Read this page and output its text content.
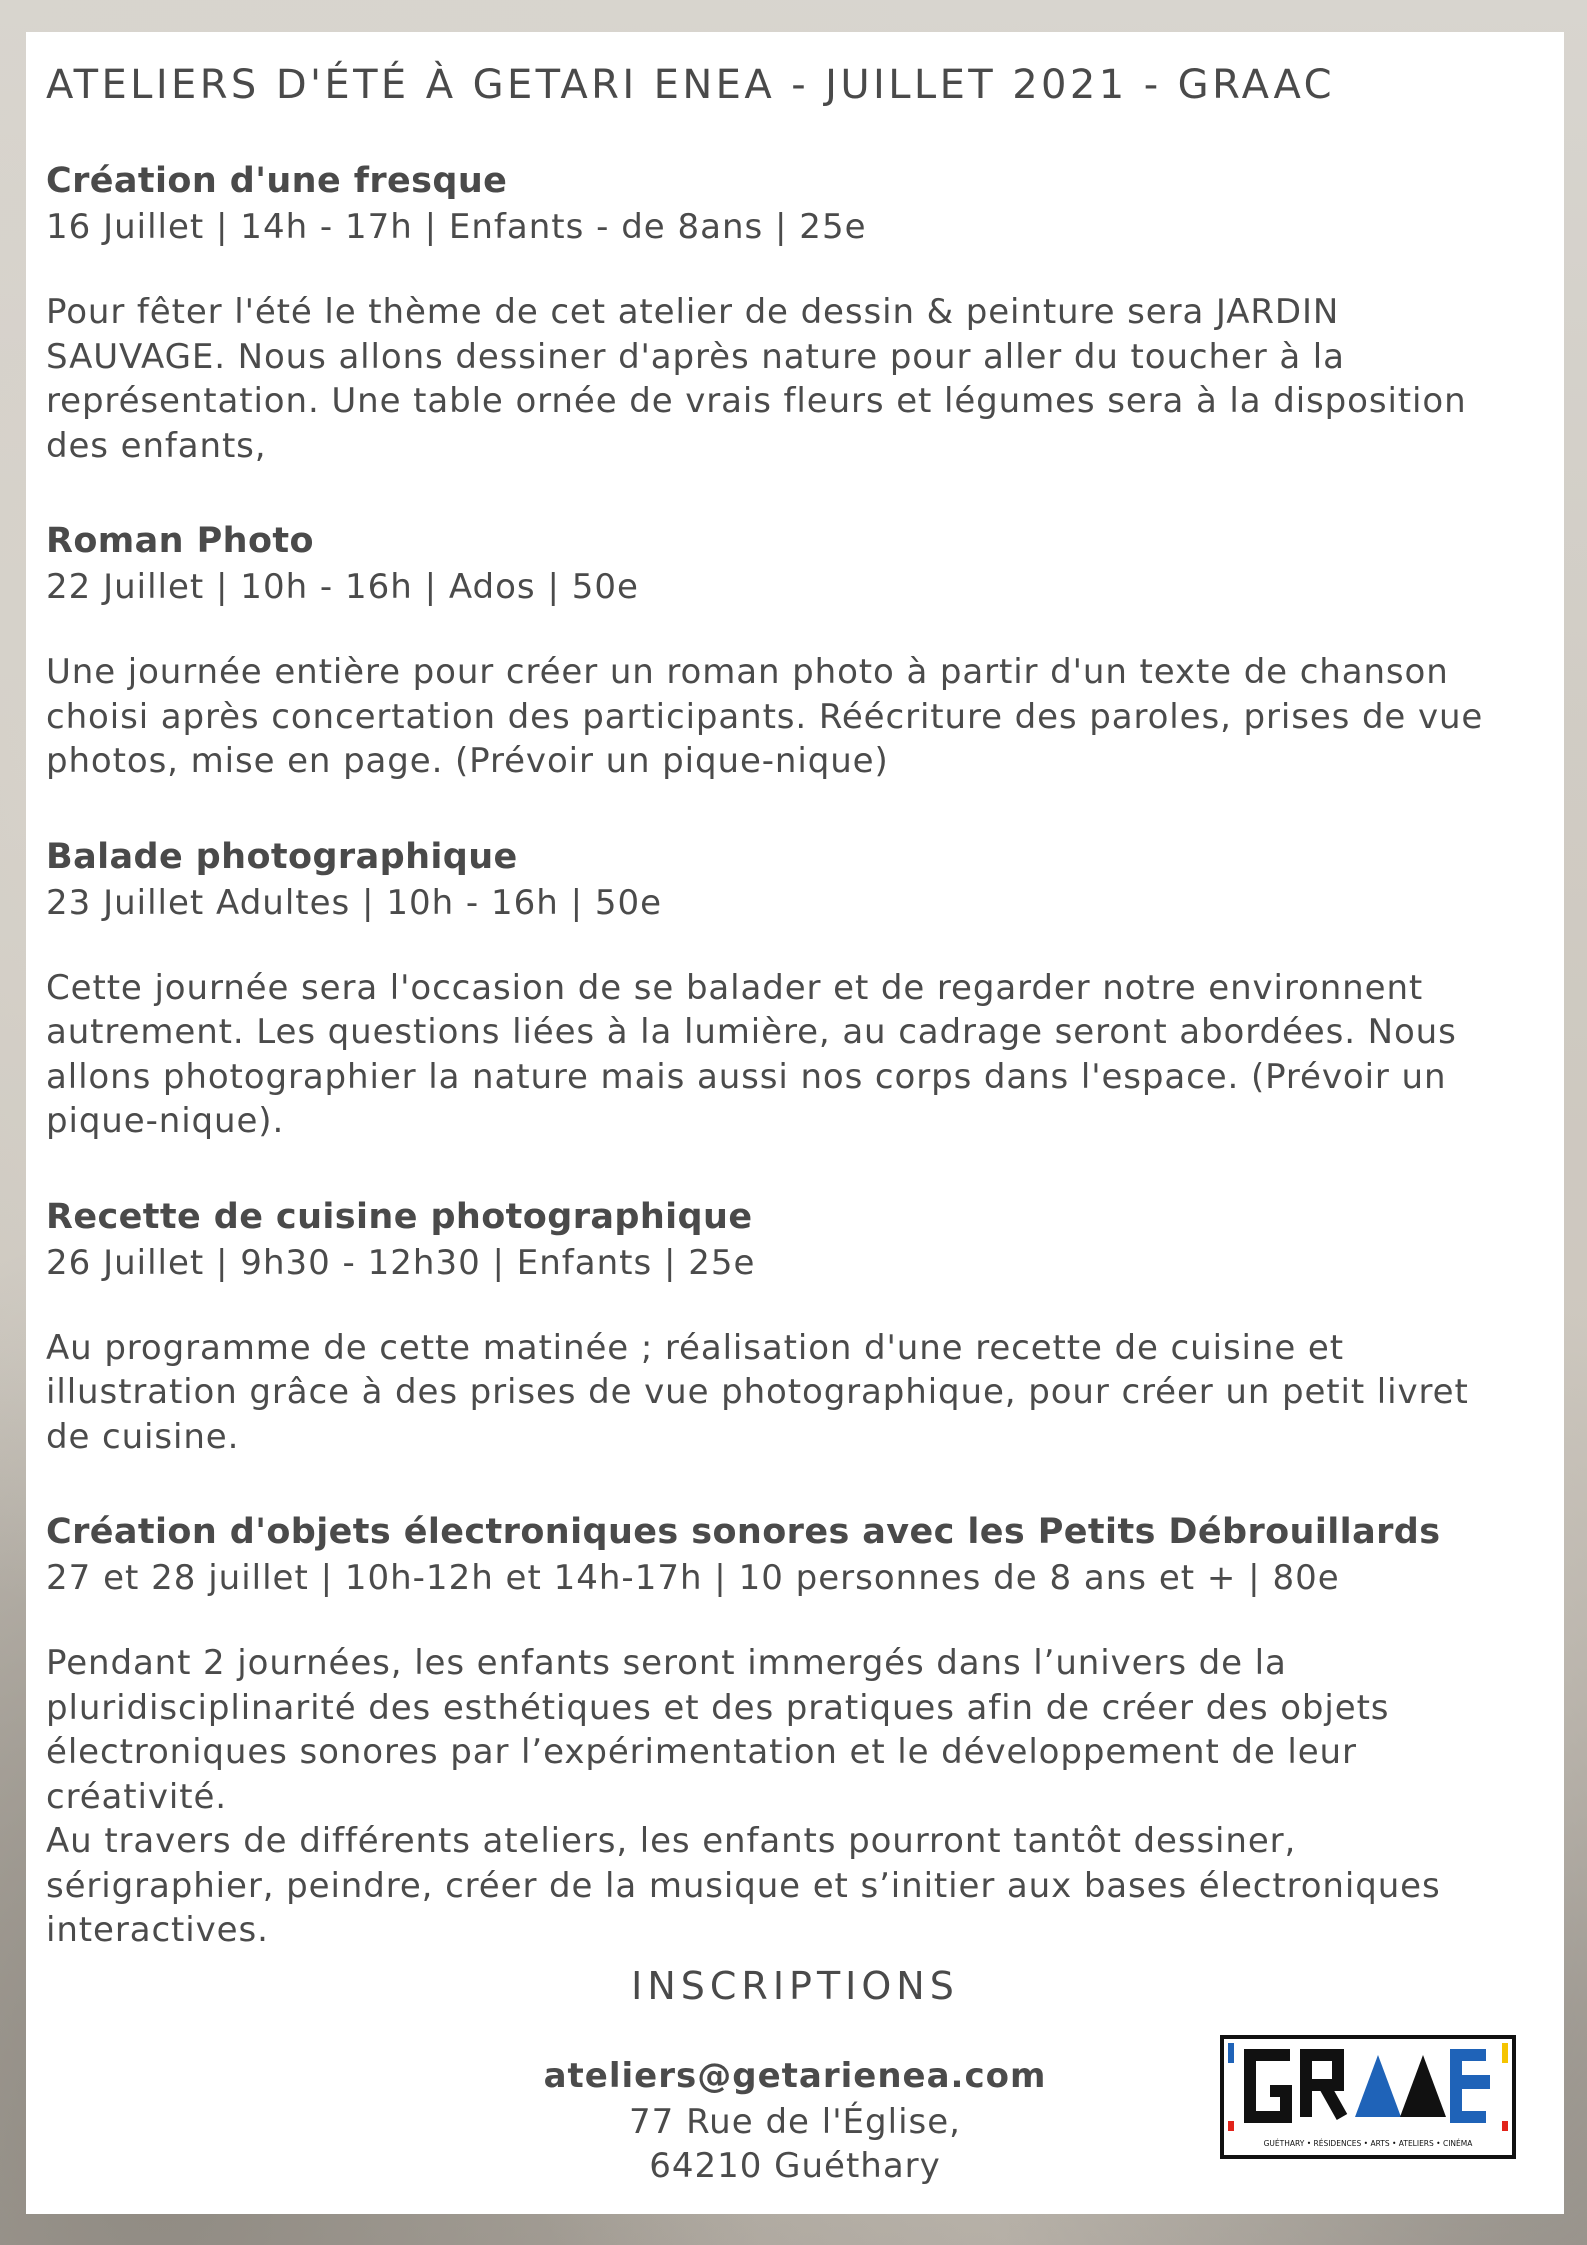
ATELIERS D'ÉTÉ À GETARI ENEA - JUILLET 2021 - GRAAC
Création d'une fresque
16 Juillet | 14h - 17h | Enfants - de 8ans | 25e

Pour fêter l'été le thème de cet atelier de dessin & peinture sera JARDIN

SAUVAGE. Nous allons dessiner d'après nature pour aller du toucher à la

représentation. Une table ornée de vrais fleurs et légumes sera à la disposition

des enfants,

Roman Photo
22 Juillet | 10h - 16h | Ados | 50e

Une journée entière pour créer un roman photo à partir d'un texte de chanson

choisi après concertation des participants. Réécriture des paroles, prises de vue

photos, mise en page. (Prévoir un pique-nique)

Balade photographique
23 Juillet Adultes | 10h - 16h | 50e

Cette journée sera l'occasion de se balader et de regarder notre environnent

autrement. Les questions liées à la lumière, au cadrage seront abordées. Nous

allons photographier la nature mais aussi nos corps dans l'espace. (Prévoir un

pique-nique).

Recette de cuisine photographique
26 Juillet | 9h30 - 12h30 | Enfants | 25e

Au programme de cette matinée ; réalisation d'une recette de cuisine et

illustration grâce à des prises de vue photographique, pour créer un petit livret

de cuisine.

Création d'objets électroniques sonores avec les Petits Débrouillards
27 et 28 juillet | 10h-12h et 14h-17h | 10 personnes de 8 ans et + | 80e

Pendant 2 journées, les enfants seront immergés dans l’univers de la

pluridisciplinarité des esthétiques et des pratiques afin de créer des objets

électroniques sonores par l’expérimentation et le développement de leur

créativité.

Au travers de différents ateliers, les enfants pourront tantôt dessiner,

sérigraphier, peindre, créer de la musique et s’initier aux bases électroniques

interactives.

INSCRIPTIONS
ateliers@getarienea.com
77 Rue de l'Église,
64210 Guéthary
GUÉTHARY • RÉSIDENCES • ARTS • ATELIERS • CINÉMA
